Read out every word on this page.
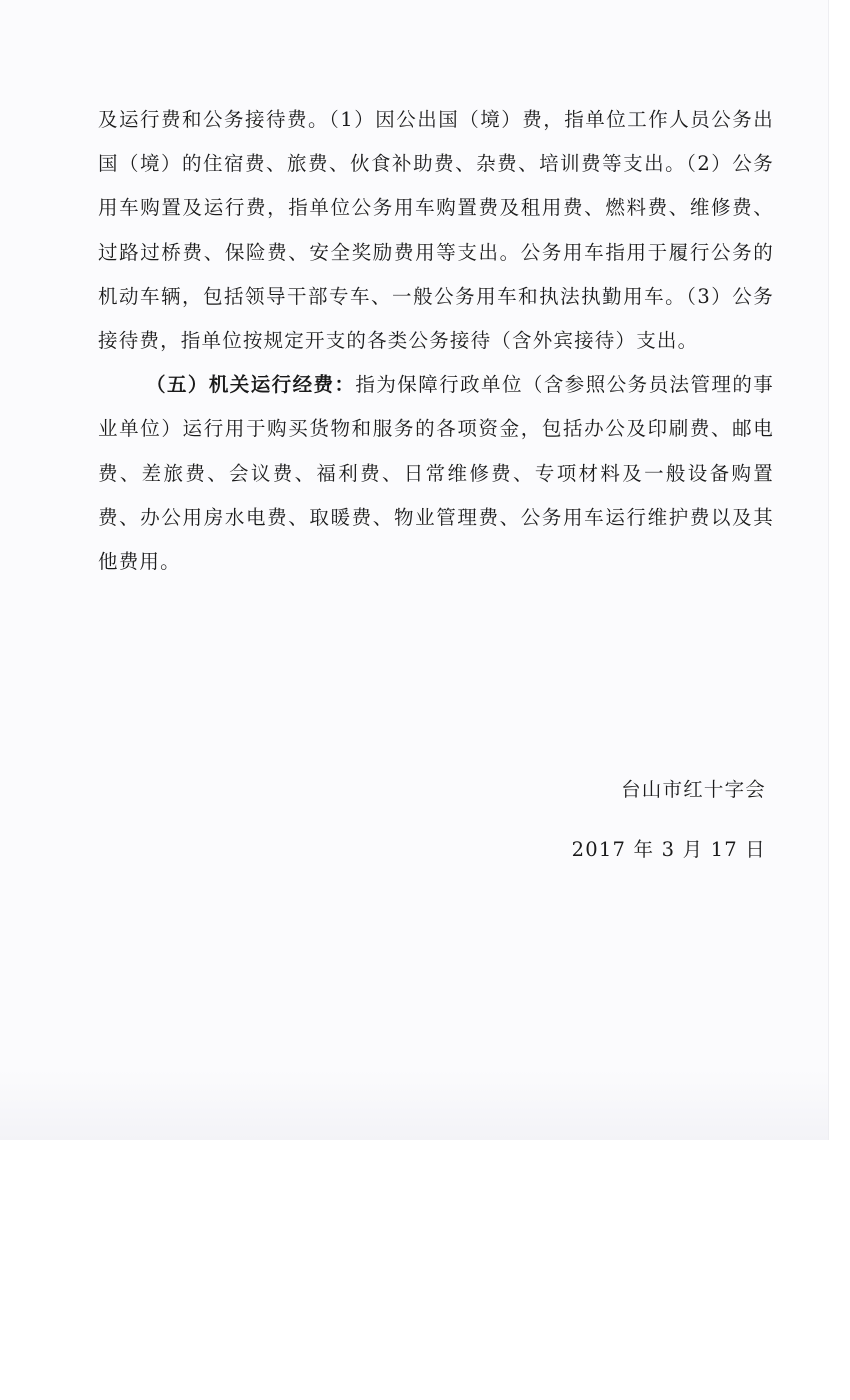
及运行费和公务接待费。（1）因公出国（境）费，指单位工作人员公务出国（境）的住宿费、旅费、伙食补助费、杂费、培训费等支出。（2）公务用车购置及运行费，指单位公务用车购置费及租用费、燃料费、维修费、过路过桥费、保险费、安全奖励费用等支出。公务用车指用于履行公务的机动车辆，包括领导干部专车、一般公务用车和执法执勤用车。（3）公务接待费，指单位按规定开支的各类公务接待（含外宾接待）支出。

（五）机关运行经费：指为保障行政单位（含参照公务员法管理的事业单位）运行用于购买货物和服务的各项资金，包括办公及印刷费、邮电费、差旅费、会议费、福利费、日常维修费、专项材料及一般设备购置费、办公用房水电费、取暖费、物业管理费、公务用车运行维护费以及其他费用。

台山市红十字会
2017 年 3 月 17 日
